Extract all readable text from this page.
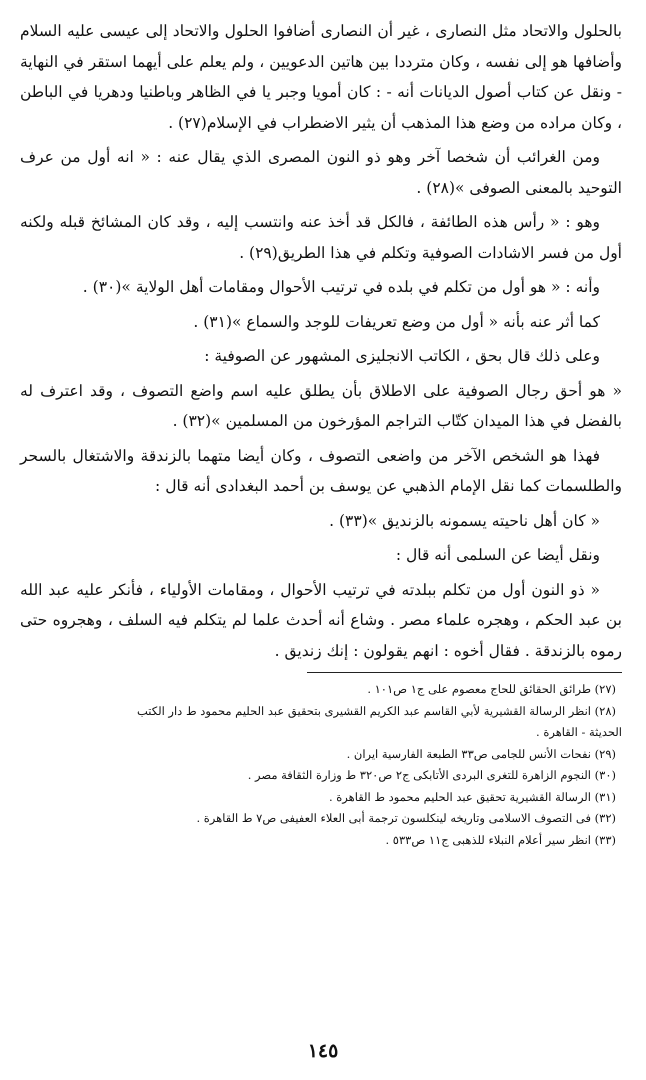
بالحلول والاتحاد مثل النصارى ، غير أن النصارى أضافوا الحلول والاتحاد إلى عيسى عليه السلام وأضافها هو إلى نفسه ، وكان مترددا بين هاتين الدعويين ، ولم يعلم على أيهما استقر في النهاية - ونقل عن كتاب أصول الديانات أنه - : كان أمويا وجبر يا في الظاهر وباطنيا ودهريا في الباطن ، وكان مراده من وضع هذا المذهب أن يثير الاضطراب في الإسلام(٢٧) .

ومن الغرائب أن شخصا آخر وهو ذو النون المصرى الذي يقال عنه : « انه أول من عرف التوحيد بالمعنى الصوفى »(٢٨) .

وهو : « رأس هذه الطائفة ، فالكل قد أخذ عنه وانتسب إليه ، وقد كان المشائخ قبله ولكنه أول من فسر الاشادات الصوفية وتكلم في هذا الطريق(٢٩) .

وأنه : « هو أول من تكلم في بلده في ترتيب الأحوال ومقامات أهل الولاية »(٣٠) .

كما أثر عنه بأنه « أول من وضع تعريفات للوجد والسماع »(٣١) .

وعلى ذلك قال بحق ، الكاتب الانجليزى المشهور عن الصوفية :

« هو أحق رجال الصوفية على الاطلاق بأن يطلق عليه اسم واضع التصوف ، وقد اعترف له بالفضل في هذا الميدان كتّاب التراجم المؤرخون من المسلمين »(٣٢) .

فهذا هو الشخص الآخر من واضعى التصوف ، وكان أيضا متهما بالزندقة والاشتغال بالسحر والطلسمات كما نقل الإمام الذهبي عن يوسف بن أحمد البغدادى أنه قال :

« كان أهل ناحيته يسمونه بالزنديق »(٣٣) .

ونقل أيضا عن السلمى أنه قال :

« ذو النون أول من تكلم ببلدته في ترتيب الأحوال ، ومقامات الأولياء ، فأنكر عليه عبد الله بن عبد الحكم ، وهجره علماء مصر . وشاع أنه أحدث علما لم يتكلم فيه السلف ، وهجروه حتى رموه بالزندقة . فقال أخوه : انهم يقولون : إنك زنديق .

(٢٧) طرائق الحقائق للحاج معصوم على ج١ ص١٠١ .
(٢٨) انظر الرسالة القشيرية لأبي القاسم عبد الكريم القشيرى بتحقيق عبد الحليم محمود ط دار الكتب
الحديثة - القاهرة .
(٢٩) نفحات الأنس للجامى ص٣٣ الطبعة الفارسية ايران .
(٣٠) النجوم الزاهرة للتغرى البردى الأتابكى ج٢ ص٣٢٠ ط وزارة الثقافة مصر .
(٣١) الرسالة القشيرية تحقيق عبد الحليم محمود ط القاهرة .
(٣٢) فى التصوف الاسلامى وتاريخه لينكلسون ترجمة أبى العلاء العفيفى ص٧ ط القاهرة .
(٣٣) انظر سير أعلام النبلاء للذهبى ج١١ ص٥٣٣ .
١٤٥
